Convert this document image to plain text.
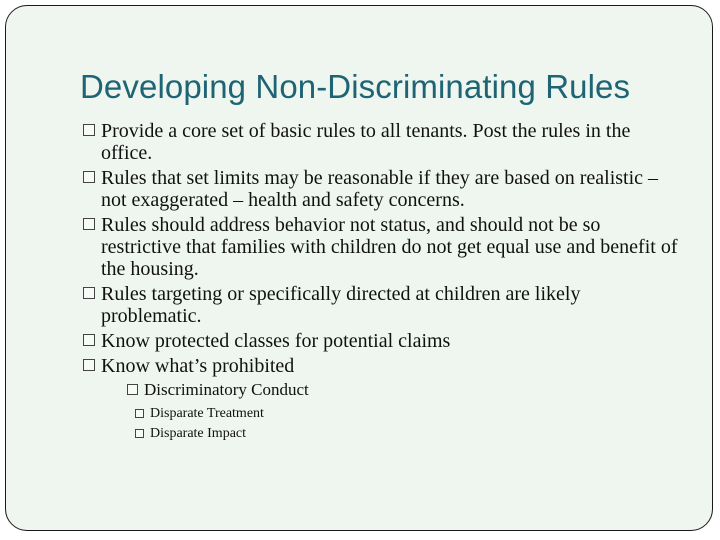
Developing Non-Discriminating Rules
Provide a core set of basic rules to all tenants. Post the rules in the office.
Rules that set limits may be reasonable if they are based on realistic – not exaggerated – health and safety concerns.
Rules should address behavior not status, and should not be so restrictive that families with children do not get equal use and benefit of the housing.
Rules targeting or specifically directed at children are likely problematic.
Know protected classes for potential claims
Know what’s prohibited
Discriminatory Conduct
Disparate Treatment
Disparate Impact
